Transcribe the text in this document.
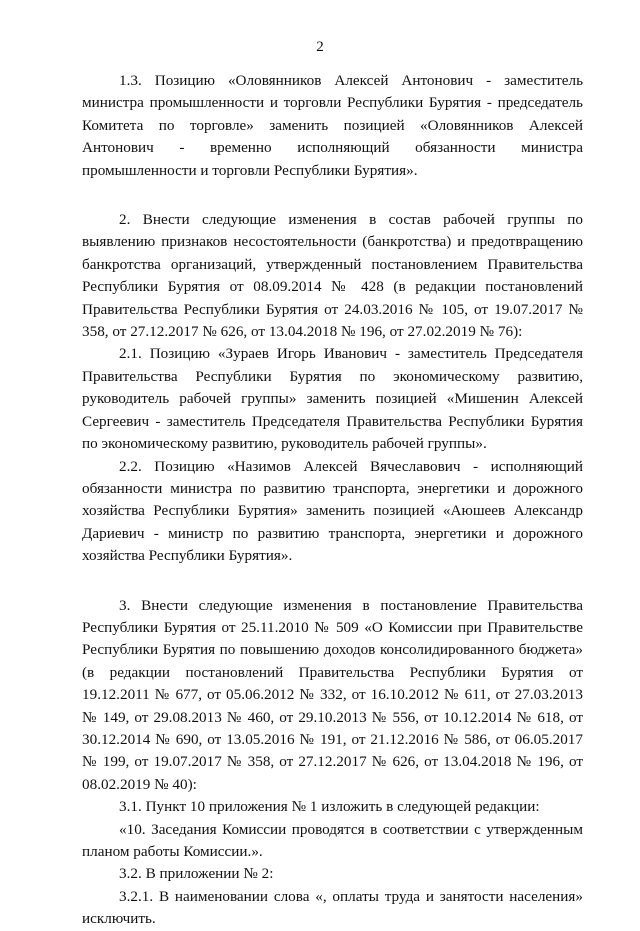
2

1.3. Позицию «Оловянников Алексей Антонович - заместитель министра промышленности и торговли Республики Бурятия - председатель Комитета по торговле» заменить позицией «Оловянников Алексей Антонович - временно исполняющий обязанности министра промышленности и торговли Республики Бурятия».

2. Внести следующие изменения в состав рабочей группы по выявлению признаков несостоятельности (банкротства) и предотвращению банкротства организаций, утвержденный постановлением Правительства Республики Бурятия от 08.09.2014 № 428 (в редакции постановлений Правительства Республики Бурятия от 24.03.2016 № 105, от 19.07.2017 № 358, от 27.12.2017 № 626, от 13.04.2018 № 196, от 27.02.2019 № 76):

2.1. Позицию «Зураев Игорь Иванович - заместитель Председателя Правительства Республики Бурятия по экономическому развитию, руководитель рабочей группы» заменить позицией «Мишенин Алексей Сергеевич - заместитель Председателя Правительства Республики Бурятия по экономическому развитию, руководитель рабочей группы».

2.2. Позицию «Назимов Алексей Вячеславович - исполняющий обязанности министра по развитию транспорта, энергетики и дорожного хозяйства Республики Бурятия» заменить позицией «Аюшеев Александр Дариевич - министр по развитию транспорта, энергетики и дорожного хозяйства Республики Бурятия».

3. Внести следующие изменения в постановление Правительства Республики Бурятия от 25.11.2010 № 509 «О Комиссии при Правительстве Республики Бурятия по повышению доходов консолидированного бюджета» (в редакции постановлений Правительства Республики Бурятия от 19.12.2011 № 677, от 05.06.2012 № 332, от 16.10.2012 № 611, от 27.03.2013 № 149, от 29.08.2013 № 460, от 29.10.2013 № 556, от 10.12.2014 № 618, от 30.12.2014 № 690, от 13.05.2016 № 191, от 21.12.2016 № 586, от 06.05.2017 № 199, от 19.07.2017 № 358, от 27.12.2017 № 626, от 13.04.2018 № 196, от 08.02.2019 № 40):

3.1. Пункт 10 приложения № 1 изложить в следующей редакции:

«10. Заседания Комиссии проводятся в соответствии с утвержденным планом работы Комиссии.».

3.2. В приложении № 2:

3.2.1. В наименовании слова «, оплаты труда и занятости населения» исключить.
